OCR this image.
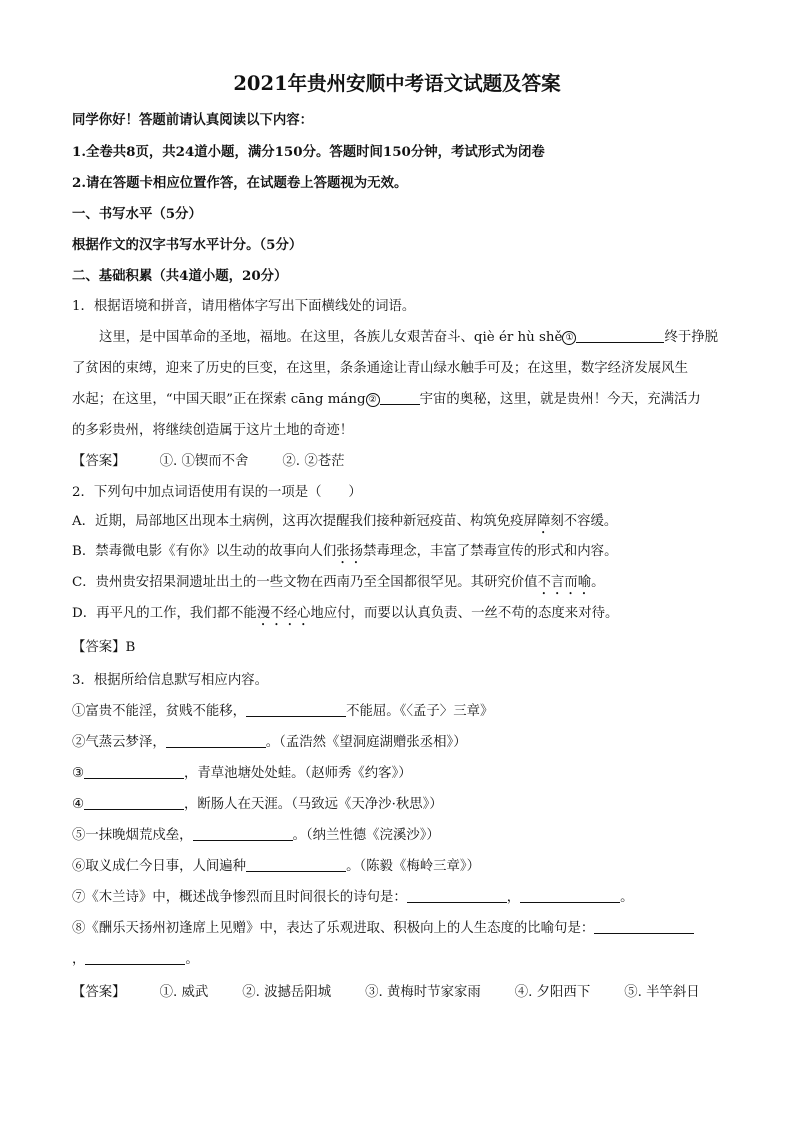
2021年贵州安顺中考语文试题及答案
同学你好！答题前请认真阅读以下内容：
1.全卷共8页，共24道小题，满分150分。答题时间150分钟，考试形式为闭卷
2.请在答题卡相应位置作答，在试题卷上答题视为无效。
一、书写水平（5分）
根据作文的汉字书写水平计分。（5分）
二、基础积累（共4道小题，20分）
1．根据语境和拼音，请用楷体字写出下面横线处的词语。
这里，是中国革命的圣地，福地。在这里，各族儿女艰苦奋斗、qiè ér hù shě ①	终于挣脱
了贫困的束缚，迎来了历史的巨变，在这里，条条通途让青山绿水触手可及；在这里，数字经济发展风生
水起；在这里，“中国天眼”正在探索 cāng máng ②	宇宙的奥秘，这里，就是贵州！今天，充满活力
的多彩贵州，将继续创造属于这片土地的奇迹！
【答案】	①. ①锲而不舍	②. ②苍茫
2．下列句中加点词语使用有误的一项是（　　）
A．近期，局部地区出现本土病例，这再次提醒我们接种新冠疫苗、构筑免疫屏障刻不容缓。
B．禁毒微电影《有你》以生动的故事向人们张扬禁毒理念，丰富了禁毒宣传的形式和内容。
C．贵州贵安招果洞遗址出土的一些文物在西南乃至全国都很罕见。其研究价值不言而喻。
D．再平凡的工作，我们都不能漫不经心地应付，而要以认真负责、一丝不苟的态度来对待。
【答案】B
3．根据所给信息默写相应内容。
①富贵不能淫，贫贱不能移，	不能屈。《〈孟子〉三章》
②气蒸云梦泽，	。（孟浩然《望洞庭湖赠张丞相》）
③	，青草池塘处处蛙。（赵师秀《约客》）
④	，断肠人在天涯。（马致远《天净沙·秋思》）
⑤一抹晚烟荒戍垒，	。（纳兰性德《浣溪沙》）
⑥取义成仁今日事，人间遍种	。（陈毅《梅岭三章》）
⑦《木兰诗》中，概述战争惨烈而且时间很长的诗句是：	，	。
⑧《酬乐天扬州初逢席上见赠》中，表达了乐观进取、积极向上的人生态度的比喻句是：
，	。
【答案】	①. 威武	②. 波撼岳阳城	③. 黄梅时节家家雨	④. 夕阳西下	⑤. 半竿斜日
